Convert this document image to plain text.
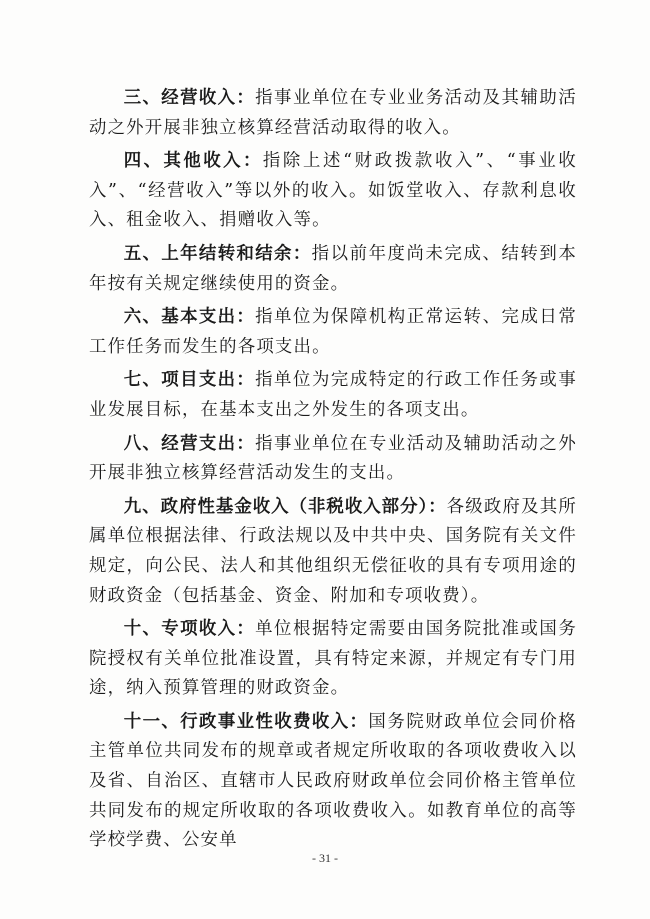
三、经营收入：指事业单位在专业业务活动及其辅助活动之外开展非独立核算经营活动取得的收入。

四、其他收入：指除上述“财政拨款收入”、“事业收入”、“经营收入”等以外的收入。如饭堂收入、存款利息收入、租金收入、捐赠收入等。

五、上年结转和结余：指以前年度尚未完成、结转到本年按有关规定继续使用的资金。

六、基本支出：指单位为保障机构正常运转、完成日常工作任务而发生的各项支出。

七、项目支出：指单位为完成特定的行政工作任务或事业发展目标，在基本支出之外发生的各项支出。

八、经营支出：指事业单位在专业活动及辅助活动之外开展非独立核算经营活动发生的支出。

九、政府性基金收入（非税收入部分）：各级政府及其所属单位根据法律、行政法规以及中共中央、国务院有关文件规定，向公民、法人和其他组织无偿征收的具有专项用途的财政资金（包括基金、资金、附加和专项收费）。

十、专项收入：单位根据特定需要由国务院批准或国务院授权有关单位批准设置，具有特定来源，并规定有专门用途，纳入预算管理的财政资金。

十一、行政事业性收费收入：国务院财政单位会同价格主管单位共同发布的规章或者规定所收取的各项收费收入以及省、自治区、直辖市人民政府财政单位会同价格主管单位共同发布的规定所收取的各项收费收入。如教育单位的高等学校学费、公安单

- 31 -
